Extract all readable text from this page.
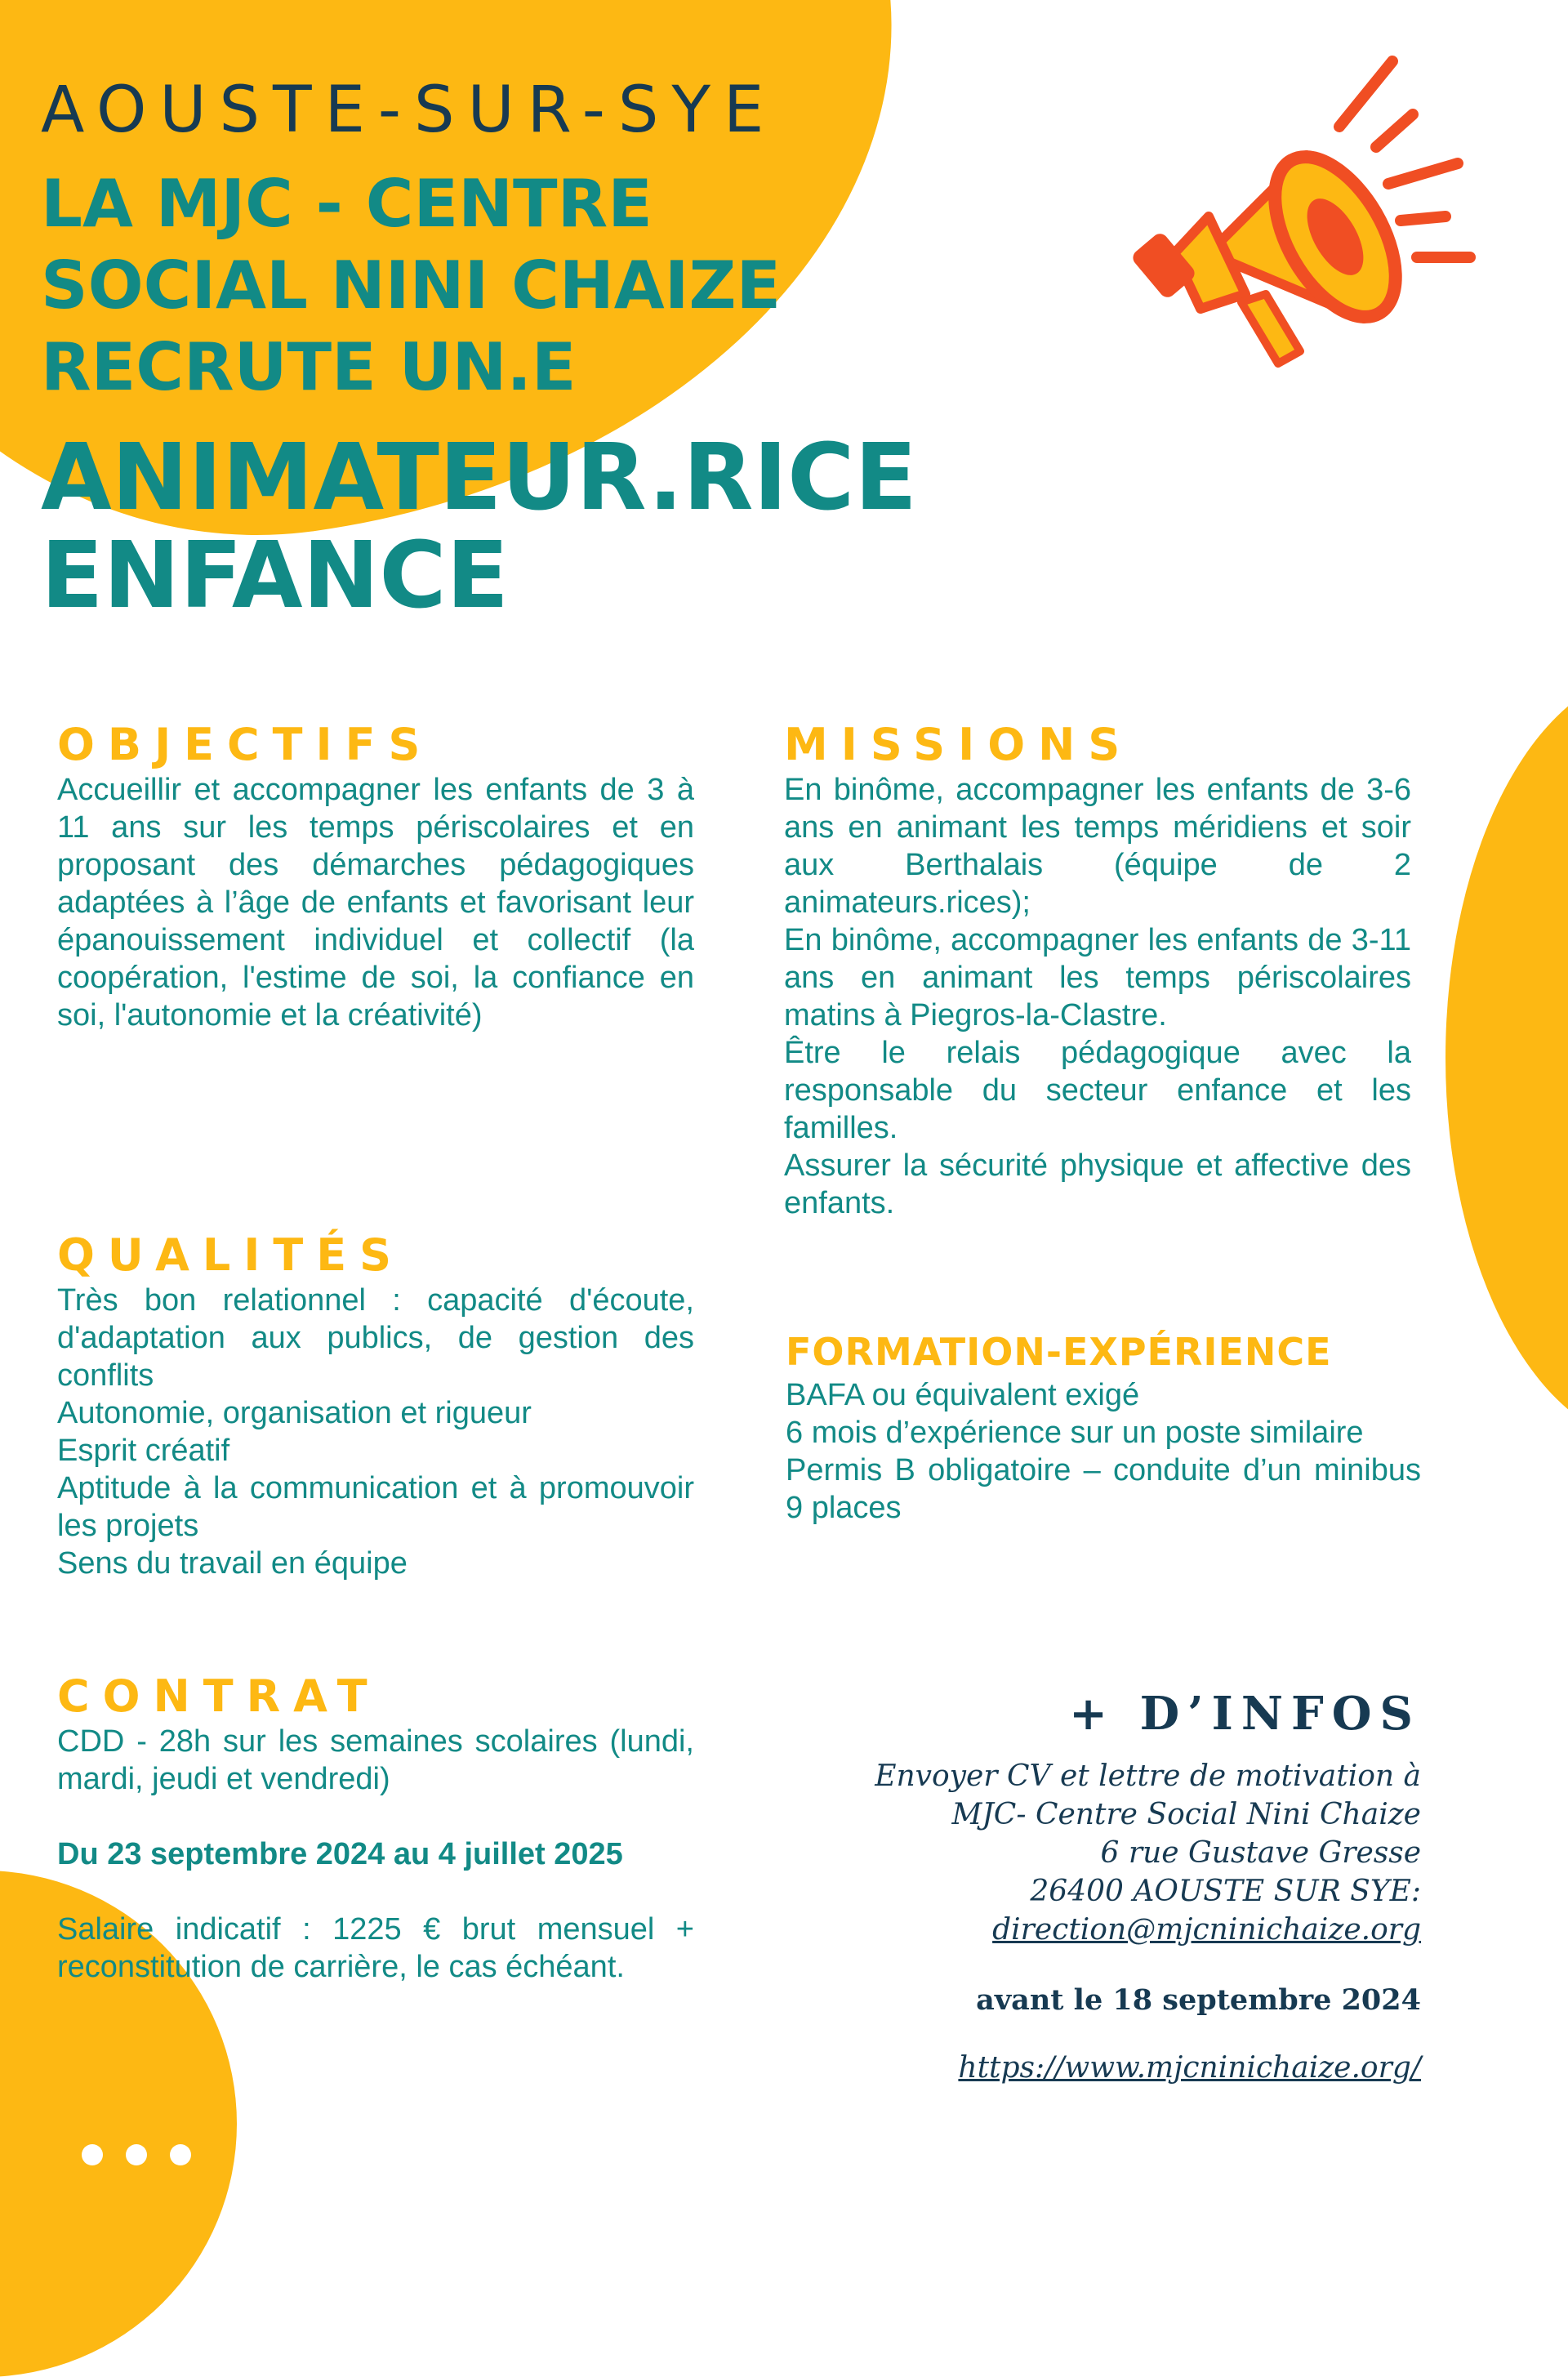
AOUSTE-SUR-SYE
LA MJC - CENTRE
SOCIAL NINI CHAIZE
RECRUTE UN.E
ANIMATEUR.RICE
ENFANCE
OBJECTIFS
Accueillir et accompagner les enfants de 3 à 11 ans sur les temps périscolaires et en proposant des démarches pédagogiques adaptées à l’âge de enfants et favorisant leur épanouissement individuel et collectif (la coopération, l'estime de soi, la confiance en soi, l'autonomie et la créativité)
MISSIONS

En binôme, accompagner les enfants de 3-6 ans en animant les temps méridiens et soir aux Berthalais (équipe de 2 animateurs.rices);

En binôme, accompagner les enfants de 3-11 ans en animant les temps périscolaires matins à Piegros-la-Clastre.

Être le relais pédagogique avec la responsable du secteur enfance et les familles.

Assurer la sécurité physique et affective des enfants.

QUALITÉS

Très bon relationnel : capacité d'écoute, d'adaptation aux publics, de gestion des conflits

Autonomie, organisation et rigueur

Esprit créatif

Aptitude à la communication et à promouvoir les projets

Sens du travail en équipe

FORMATION-EXPÉRIENCE

BAFA ou équivalent exigé

6 mois d’expérience sur un poste similaire

Permis B obligatoire – conduite d’un minibus 9 places

CONTRAT

CDD - 28h sur les semaines scolaires (lundi, mardi, jeudi et vendredi)

Du 23 septembre 2024 au 4 juillet 2025

Salaire indicatif : 1225 € brut mensuel + reconstitution de carrière, le cas échéant.

+ D’INFOS
Envoyer CV et lettre de motivation à
MJC- Centre Social Nini Chaize
6 rue Gustave Gresse
26400 AOUSTE SUR SYE:
direction@mjcninichaize.org
avant le 18 septembre 2024
https://www.mjcninichaize.org/
